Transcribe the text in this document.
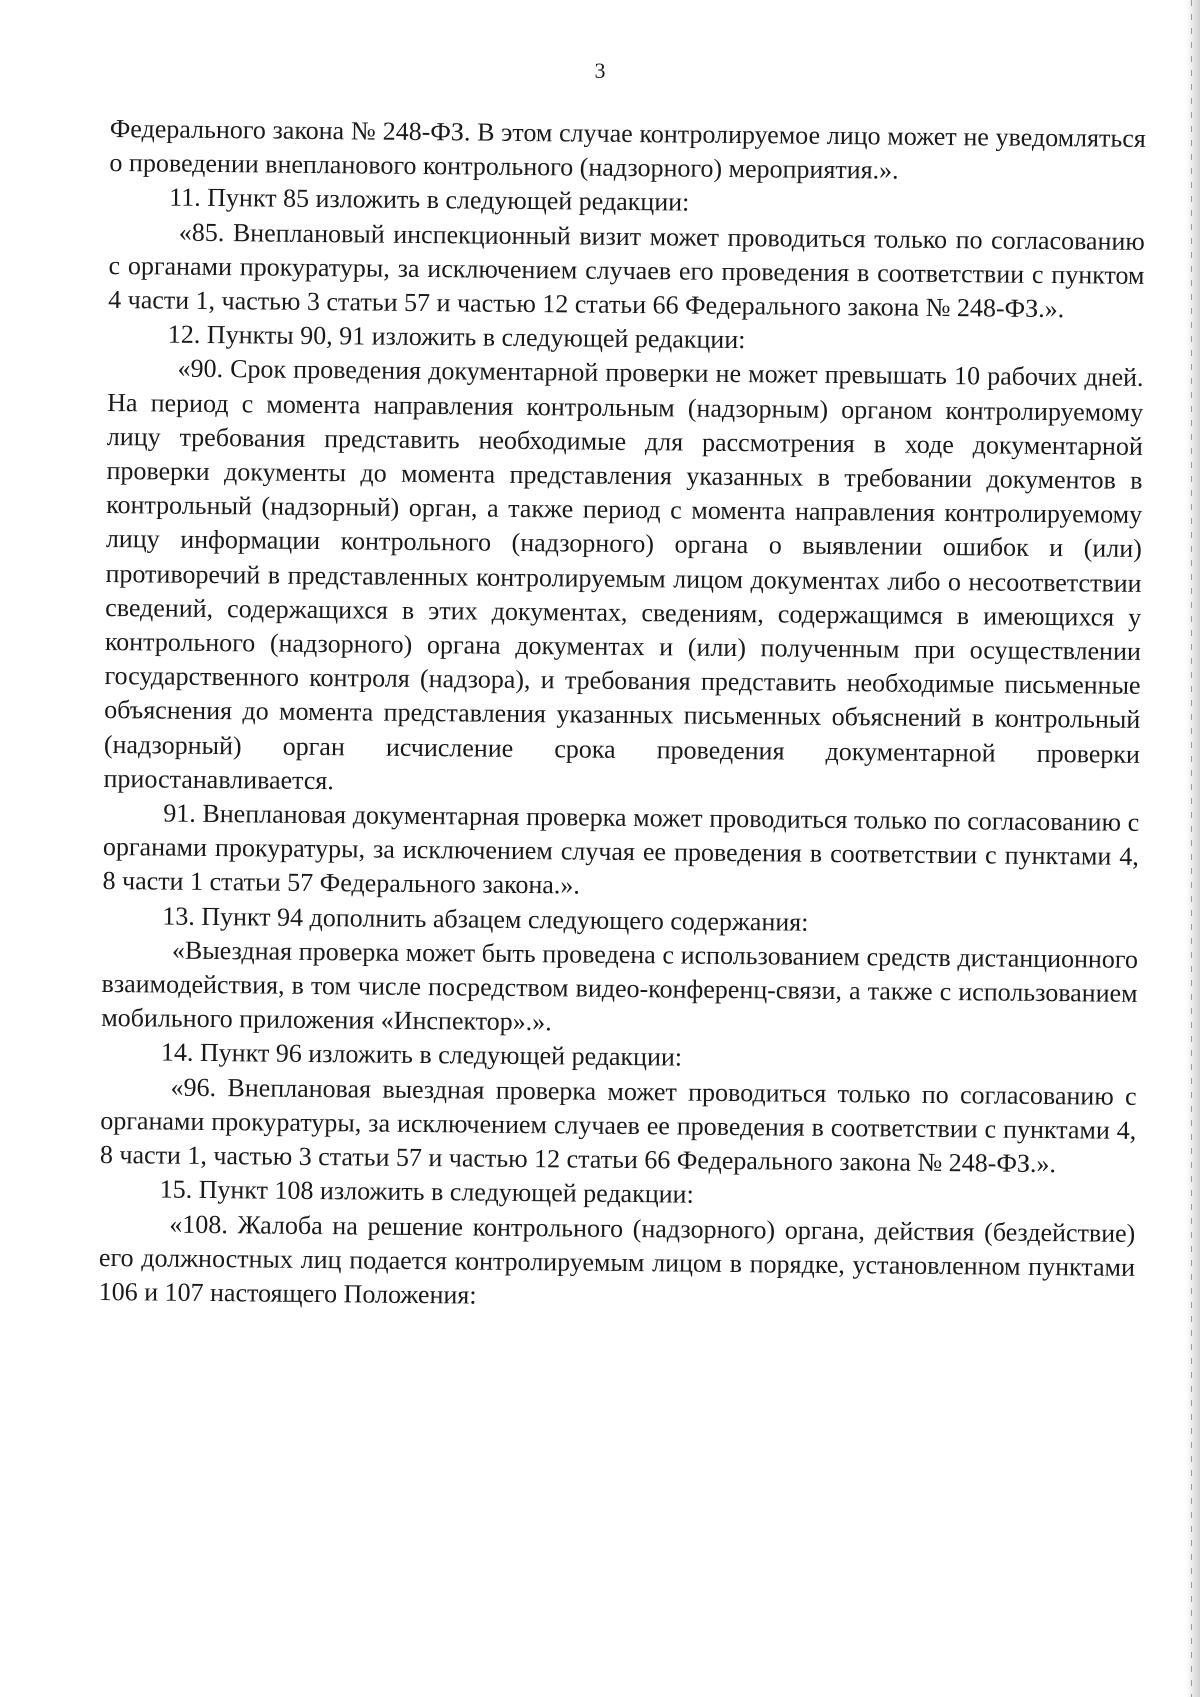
3

Федерального закона № 248-ФЗ. В этом случае контролируемое лицо может не уведомляться о проведении внепланового контрольного (надзорного) мероприятия.».

11. Пункт 85 изложить в следующей редакции:

«85. Внеплановый инспекционный визит может проводиться только по согласованию с органами прокуратуры, за исключением случаев его проведения в соответствии с пунктом 4 части 1, частью 3 статьи 57 и частью 12 статьи 66 Федерального закона № 248-ФЗ.».

12. Пункты 90, 91 изложить в следующей редакции:

«90. Срок проведения документарной проверки не может превышать 10 рабочих дней. На период с момента направления контрольным (надзорным) органом контролируемому лицу требования представить необходимые для рассмотрения в ходе документарной проверки документы до момента представления указанных в требовании документов в контрольный (надзорный) орган, а также период с момента направления контролируемому лицу информации контрольного (надзорного) органа о выявлении ошибок и (или) противоречий в представленных контролируемым лицом документах либо о несоответствии сведений, содержащихся в этих документах, сведениям, содержащимся в имеющихся у контрольного (надзорного) органа документах и (или) полученным при осуществлении государственного контроля (надзора), и требования представить необходимые письменные объяснения до момента представления указанных письменных объяснений в контрольный (надзорный) орган исчисление срока проведения документарной проверки приостанавливается.

91. Внеплановая документарная проверка может проводиться только по согласованию с органами прокуратуры, за исключением случая ее проведения в соответствии с пунктами 4, 8 части 1 статьи 57 Федерального закона.».

13. Пункт 94 дополнить абзацем следующего содержания:

«Выездная проверка может быть проведена с использованием средств дистанционного взаимодействия, в том числе посредством видео-конференц-связи, а также с использованием мобильного приложения «Инспектор».».

14. Пункт 96 изложить в следующей редакции:

«96. Внеплановая выездная проверка может проводиться только по согласованию с органами прокуратуры, за исключением случаев ее проведения в соответствии с пунктами 4, 8 части 1, частью 3 статьи 57 и частью 12 статьи 66 Федерального закона № 248-ФЗ.».

15. Пункт 108 изложить в следующей редакции:

«108. Жалоба на решение контрольного (надзорного) органа, действия (бездействие) его должностных лиц подается контролируемым лицом в порядке, установленном пунктами 106 и 107 настоящего Положения:
